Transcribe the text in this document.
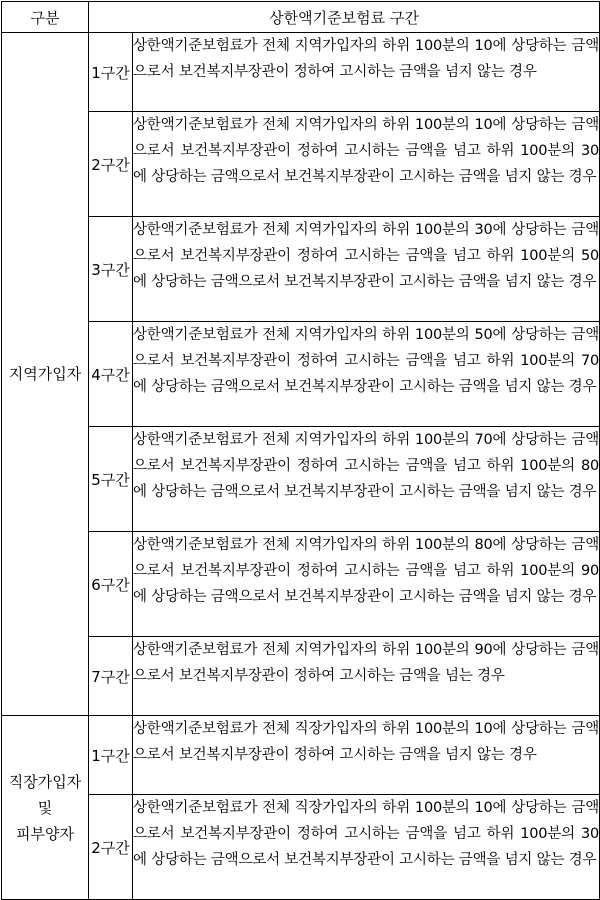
구분	상한액기준보험료 구간	
지역가입자	1구간	상한액기준보험료가 전체 지역가입자의 하위 100분의 10에 상당하는 금액으로서 보건복지부장관이 정하여 고시하는 금액을 넘지 않는 경우
	2구간	상한액기준보험료가 전체 지역가입자의 하위 100분의 10에 상당하는 금액으로서 보건복지부장관이 정하여 고시하는 금액을 넘고 하위 100분의 30에 상당하는 금액으로서 보건복지부장관이 고시하는 금액을 넘지 않는 경우
	3구간	상한액기준보험료가 전체 지역가입자의 하위 100분의 30에 상당하는 금액으로서 보건복지부장관이 정하여 고시하는 금액을 넘고 하위 100분의 50에 상당하는 금액으로서 보건복지부장관이 고시하는 금액을 넘지 않는 경우
	4구간	상한액기준보험료가 전체 지역가입자의 하위 100분의 50에 상당하는 금액으로서 보건복지부장관이 정하여 고시하는 금액을 넘고 하위 100분의 70에 상당하는 금액으로서 보건복지부장관이 고시하는 금액을 넘지 않는 경우
	5구간	상한액기준보험료가 전체 지역가입자의 하위 100분의 70에 상당하는 금액으로서 보건복지부장관이 정하여 고시하는 금액을 넘고 하위 100분의 80에 상당하는 금액으로서 보건복지부장관이 고시하는 금액을 넘지 않는 경우
	6구간	상한액기준보험료가 전체 지역가입자의 하위 100분의 80에 상당하는 금액으로서 보건복지부장관이 정하여 고시하는 금액을 넘고 하위 100분의 90에 상당하는 금액으로서 보건복지부장관이 고시하는 금액을 넘지 않는 경우
	7구간	상한액기준보험료가 전체 지역가입자의 하위 100분의 90에 상당하는 금액으로서 보건복지부장관이 정하여 고시하는 금액을 넘는 경우
직장가입자
및
피부양자	1구간	상한액기준보험료가 전체 직장가입자의 하위 100분의 10에 상당하는 금액으로서 보건복지부장관이 정하여 고시하는 금액을 넘지 않는 경우
	2구간	상한액기준보험료가 전체 직장가입자의 하위 100분의 10에 상당하는 금액으로서 보건복지부장관이 정하여 고시하는 금액을 넘고 하위 100분의 30에 상당하는 금액으로서 보건복지부장관이 고시하는 금액을 넘지 않는 경우
